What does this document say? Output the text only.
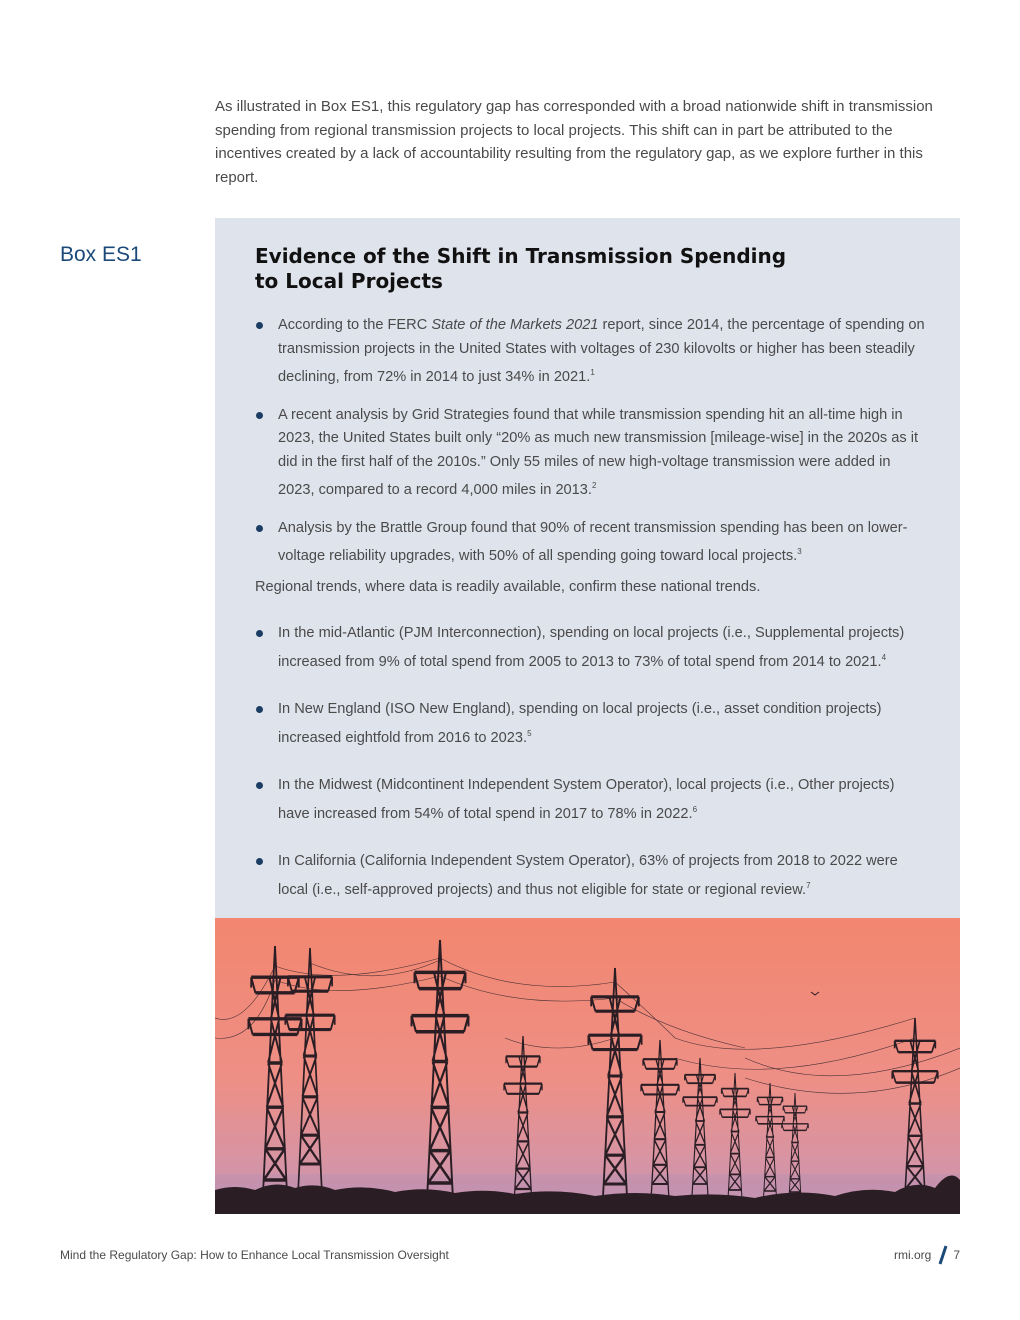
As illustrated in Box ES1, this regulatory gap has corresponded with a broad nationwide shift in transmission spending from regional transmission projects to local projects. This shift can in part be attributed to the incentives created by a lack of accountability resulting from the regulatory gap, as we explore further in this report.

Box ES1	Evidence of the Shift in Transmission Spending to Local Projects
According to the FERC State of the Markets 2021 report, since 2014, the percentage of spending on transmission projects in the United States with voltages of 230 kilovolts or higher has been steadily declining, from 72% in 2014 to just 34% in 2021.$^1$
A recent analysis by Grid Strategies found that while transmission spending hit an all-time high in 2023, the United States built only “20% as much new transmission [mileage-wise] in the 2020s as it did in the first half of the 2010s.” Only 55 miles of new high-voltage transmission were added in 2023, compared to a record 4,000 miles in 2013.$^2$
Analysis by the Brattle Group found that 90% of recent transmission spending has been on lower-voltage reliability upgrades, with 50% of all spending going toward local projects.$^3$
Regional trends, where data is readily available, confirm these national trends.
In the mid-Atlantic (PJM Interconnection), spending on local projects (i.e., Supplemental projects) increased from 9% of total spend from 2005 to 2013 to 73% of total spend from 2014 to 2021.$^4$
In New England (ISO New England), spending on local projects (i.e., asset condition projects) increased eightfold from 2016 to 2023.$^5$
In the Midwest (Midcontinent Independent System Operator), local projects (i.e., Other projects) have increased from 54% of total spend in 2017 to 78% in 2022.$^6$
In California (California Independent System Operator), 63% of projects from 2018 to 2022 were local (i.e., self-approved projects) and thus not eligible for state or regional review.$^7$

Mind the Regulatory Gap: How to Enhance Local Transmission Oversight	rmi.org 7
